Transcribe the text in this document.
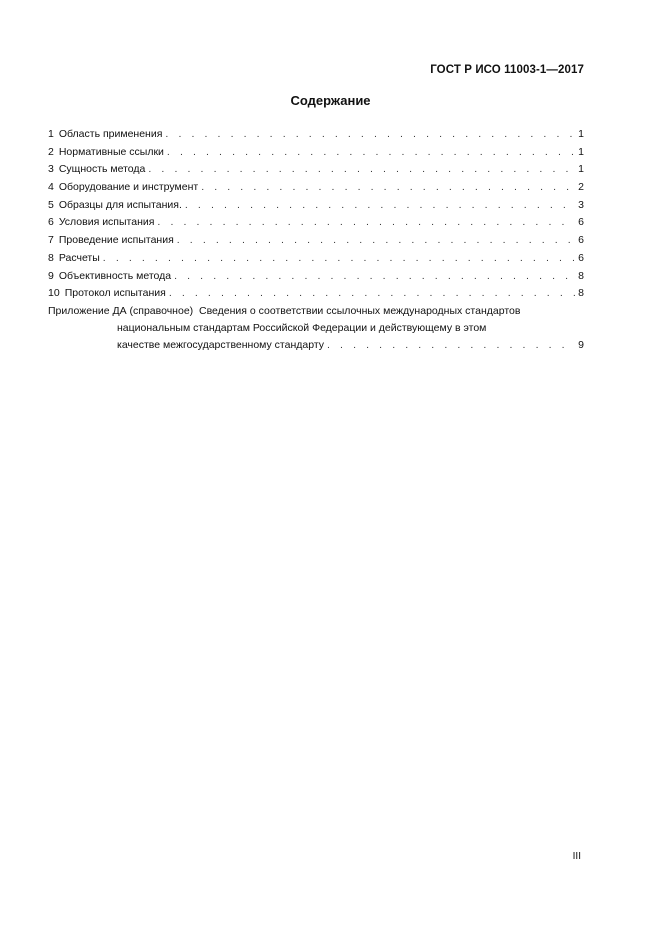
ГОСТ Р ИСО 11003-1—2017
Содержание
1 Область применения . . .	1
2 Нормативные ссылки . . .	1
3 Сущность метода . . .	1
4 Оборудование и инструмент . . .	2
5 Образцы для испытания. . . .	3
6 Условия испытания . . .	6
7 Проведение испытания . . .	6
8 Расчеты . . .	6
9 Объективность метода . . .	8
10 Протокол испытания . . .	8
Приложение ДА (справочное) Сведения о соответствии ссылочных международных стандартов
национальным стандартам Российской Федерации и действующему в этом
качестве межгосударственному стандарту . . .	9
III
